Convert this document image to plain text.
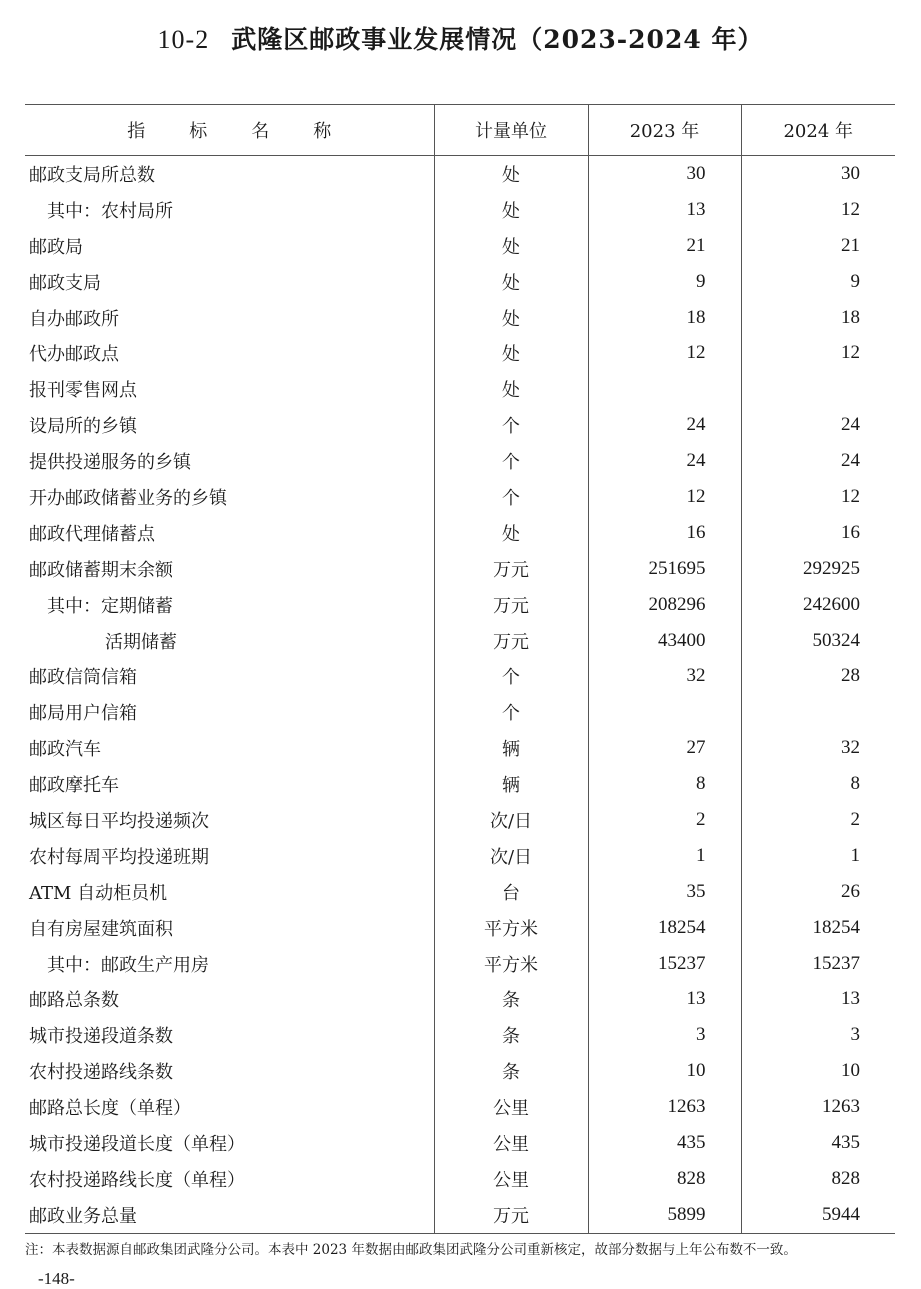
10-2 武隆区邮政事业发展情况（2023-2024 年）
指标名称	计量单位	2023 年	2024 年
邮政支局所总数	处	30	30
其中：农村局所	处	13	12
邮政局	处	21	21
邮政支局	处	9	9
自办邮政所	处	18	18
代办邮政点	处	12	12
报刊零售网点	处		
设局所的乡镇	个	24	24
提供投递服务的乡镇	个	24	24
开办邮政储蓄业务的乡镇	个	12	12
邮政代理储蓄点	处	16	16
邮政储蓄期末余额	万元	251695	292925
其中：定期储蓄	万元	208296	242600
活期储蓄	万元	43400	50324
邮政信筒信箱	个	32	28
邮局用户信箱	个		
邮政汽车	辆	27	32
邮政摩托车	辆	8	8
城区每日平均投递频次	次/日	2	2
农村每周平均投递班期	次/日	1	1
ATM 自动柜员机	台	35	26
自有房屋建筑面积	平方米	18254	18254
其中：邮政生产用房	平方米	15237	15237
邮路总条数	条	13	13
城市投递段道条数	条	3	3
农村投递路线条数	条	10	10
邮路总长度（单程）	公里	1263	1263
城市投递段道长度（单程）	公里	435	435
农村投递路线长度（单程）	公里	828	828
邮政业务总量	万元	5899	5944
注：本表数据源自邮政集团武隆分公司。本表中 2023 年数据由邮政集团武隆分公司重新核定，故部分数据与上年公布数不一致。
-148-
